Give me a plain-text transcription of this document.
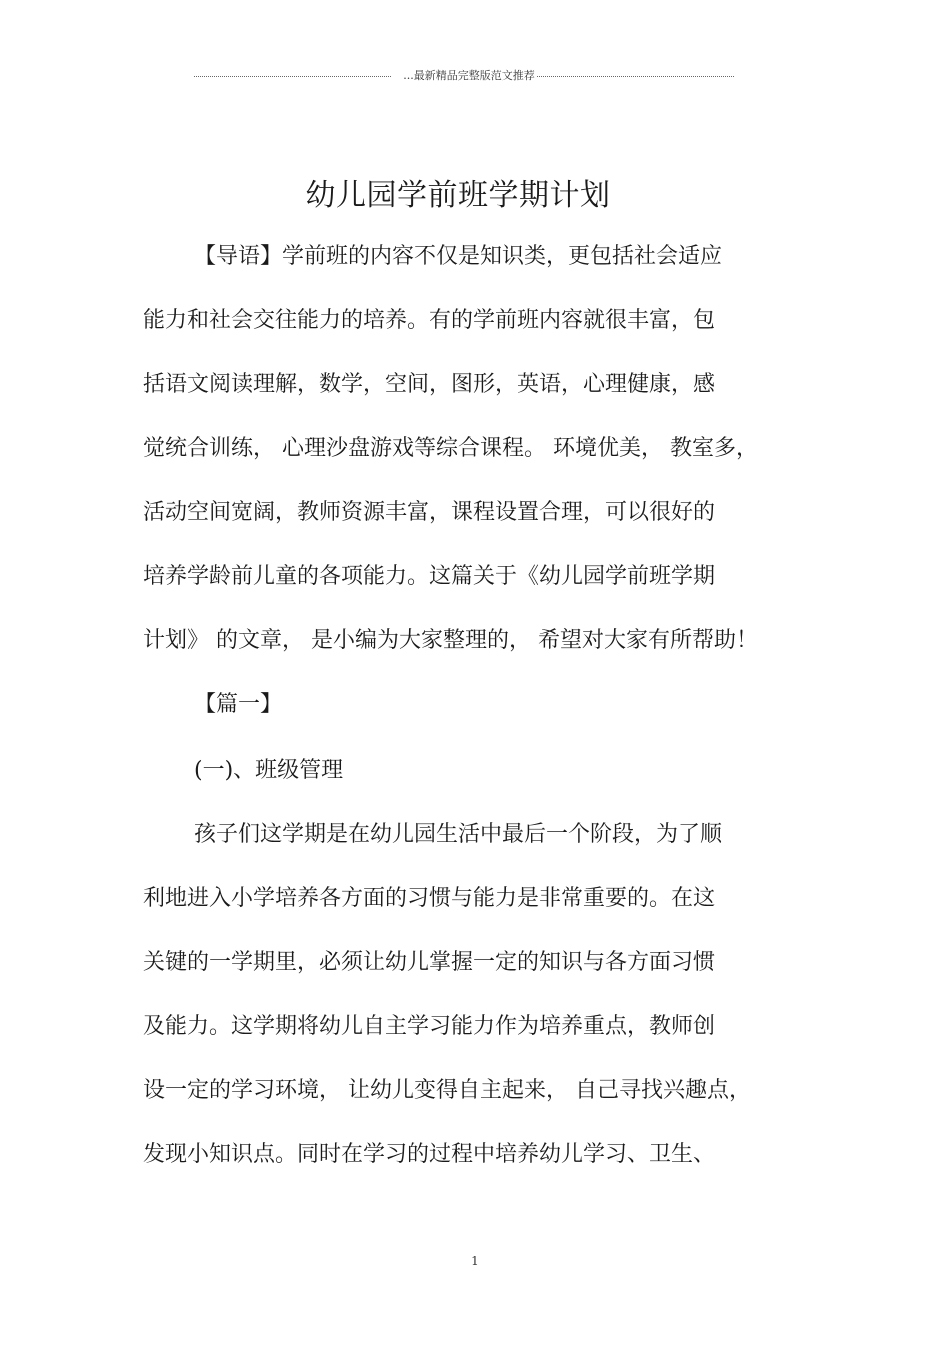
...最新精品完整版范文推荐
幼儿园学前班学期计划
【导语】学前班的内容不仅是知识类，更包括社会适应
能力和社会交往能力的培养。有的学前班内容就很丰富，包
括语文阅读理解，数学，空间，图形，英语，心理健康，感
觉统合训练， 心理沙盘游戏等综合课程。 环境优美， 教室多，
活动空间宽阔，教师资源丰富，课程设置合理，可以很好的
培养学龄前儿童的各项能力。这篇关于《幼儿园学前班学期
计划》 的文章， 是小编为大家整理的， 希望对大家有所帮助！
【篇一】
(一)、班级管理
孩子们这学期是在幼儿园生活中最后一个阶段，为了顺
利地进入小学培养各方面的习惯与能力是非常重要的。在这
关键的一学期里，必须让幼儿掌握一定的知识与各方面习惯
及能力。这学期将幼儿自主学习能力作为培养重点，教师创
设一定的学习环境， 让幼儿变得自主起来， 自己寻找兴趣点，
发现小知识点。同时在学习的过程中培养幼儿学习、卫生、
1
